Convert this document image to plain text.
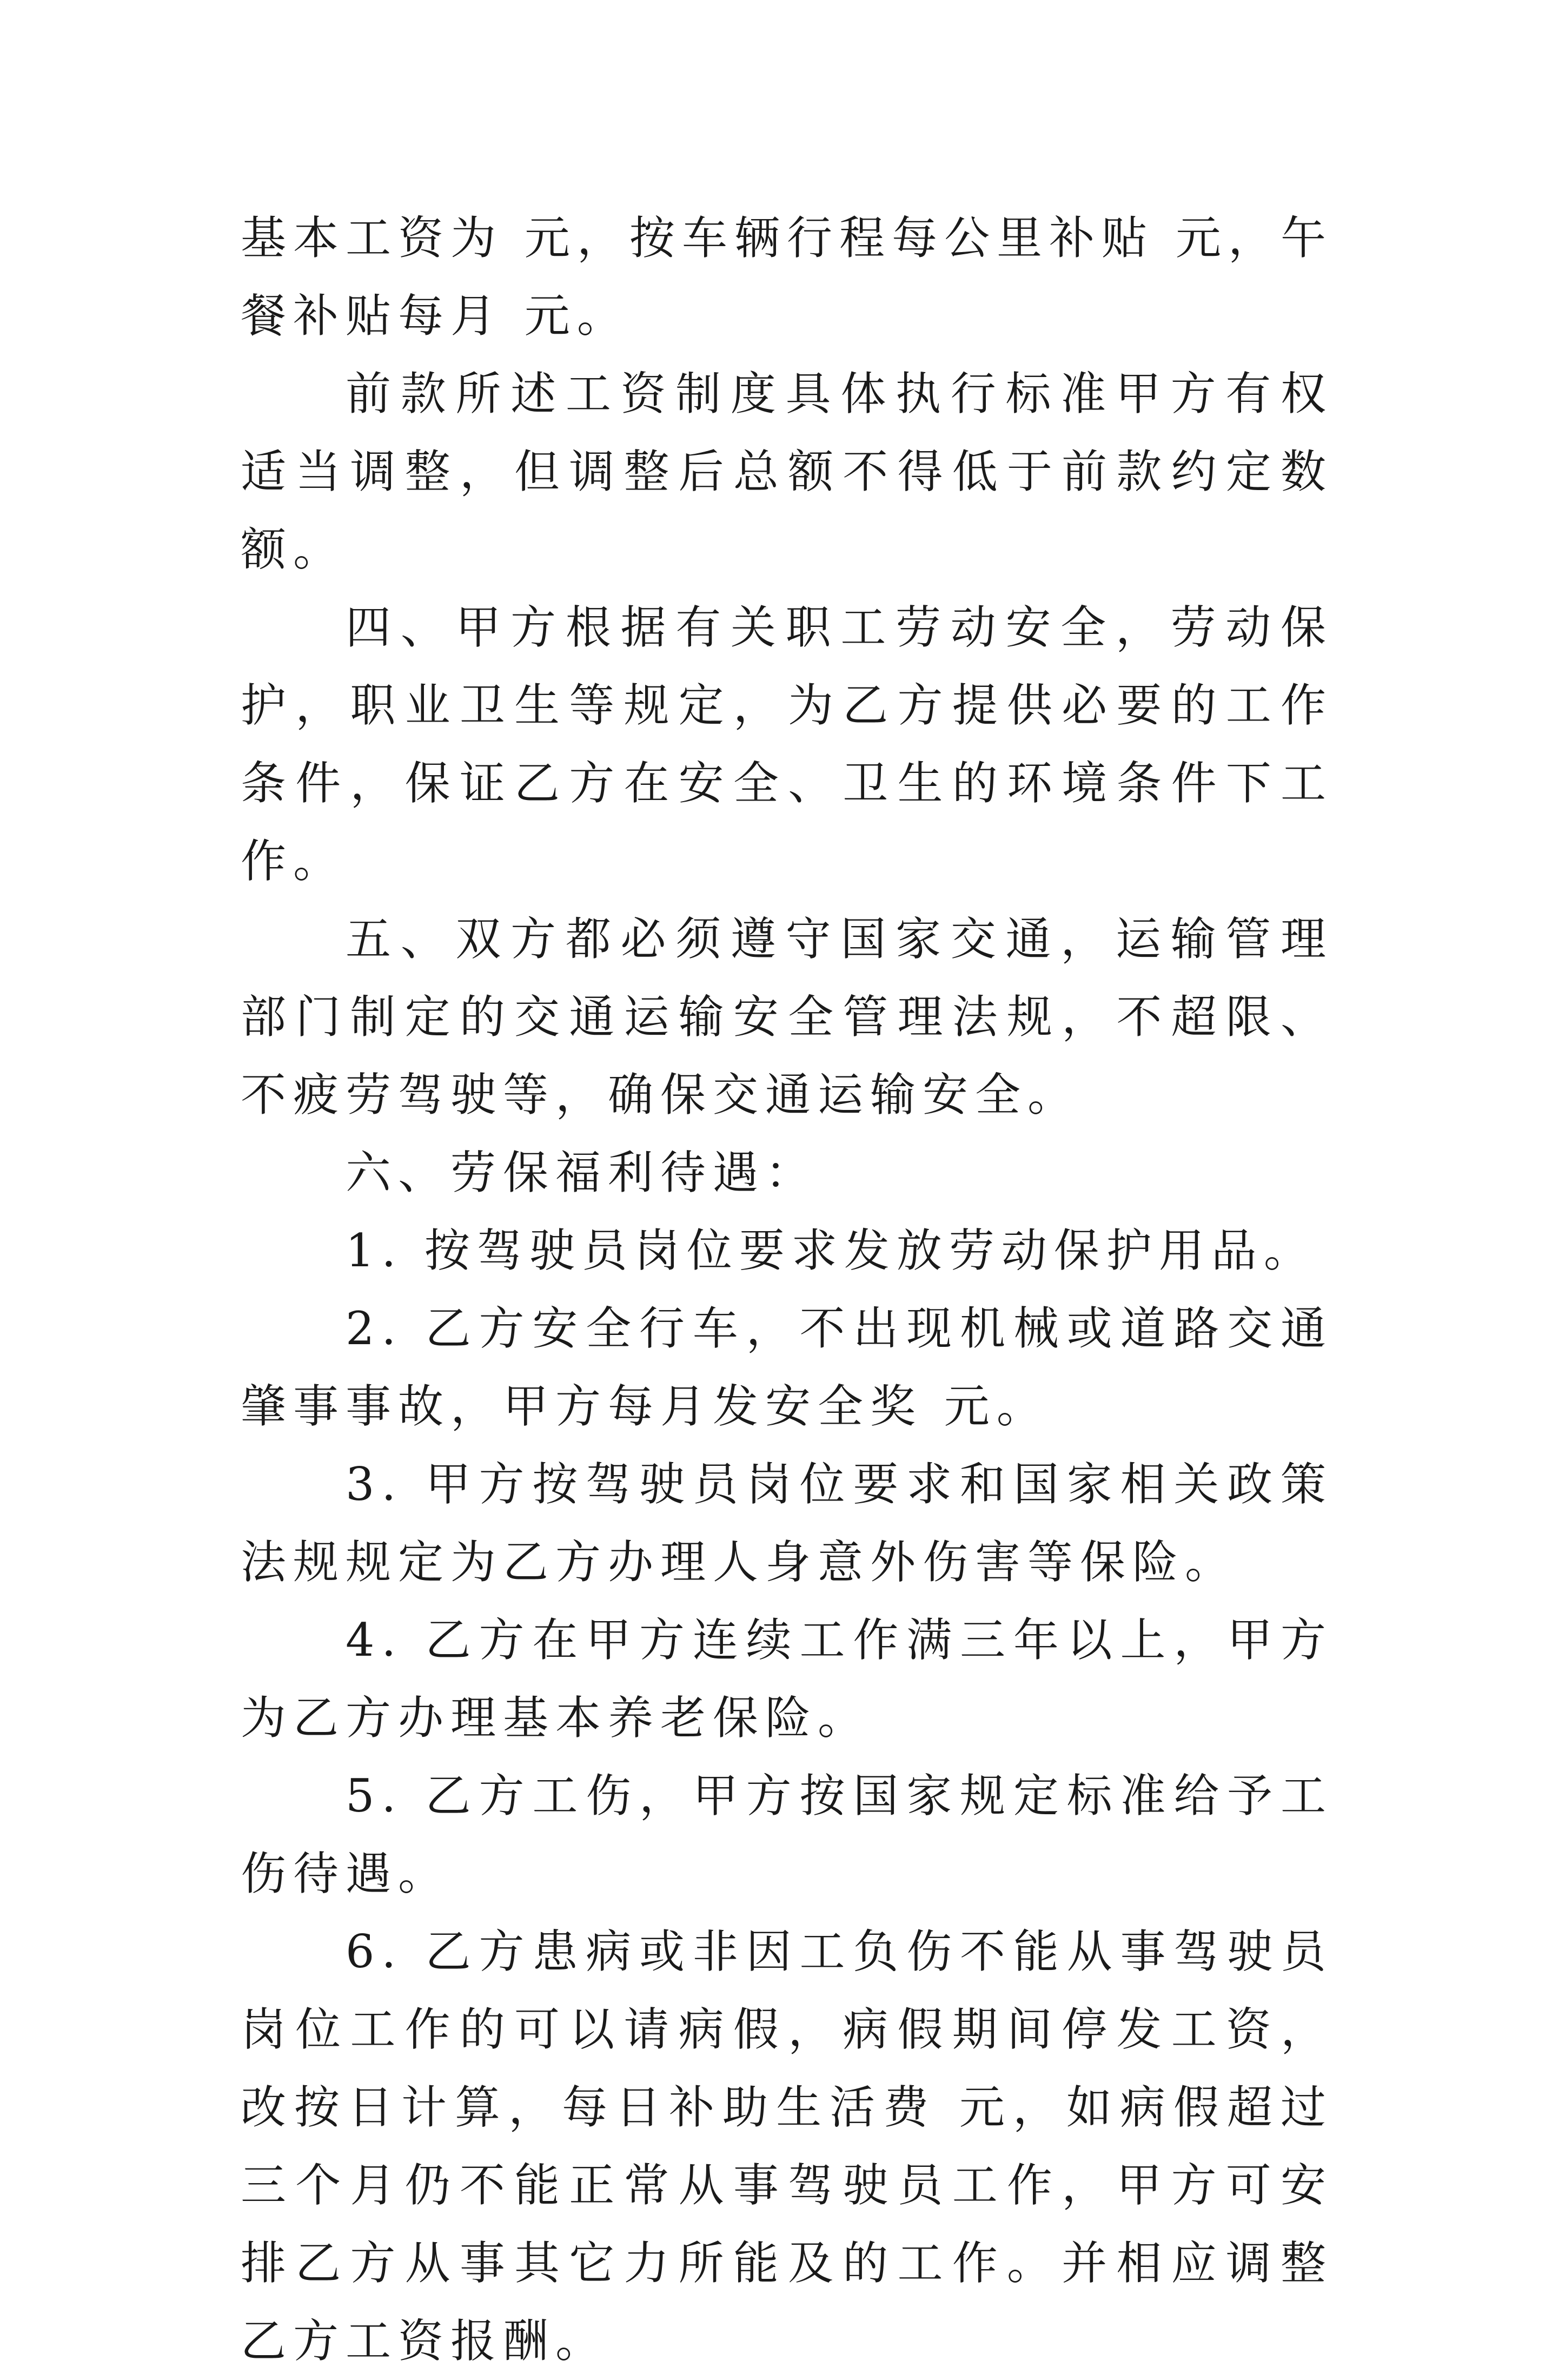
基本工资为 元，按车辆行程每公里补贴 元，午餐补贴每月 元。

前款所述工资制度具体执行标准甲方有权适当调整，但调整后总额不得低于前款约定数额。

四、甲方根据有关职工劳动安全，劳动保护，职业卫生等规定，为乙方提供必要的工作条件，保证乙方在安全、卫生的环境条件下工作。

五、双方都必须遵守国家交通，运输管理部门制定的交通运输安全管理法规，不超限、不疲劳驾驶等，确保交通运输安全。

六、劳保福利待遇：

1. 按驾驶员岗位要求发放劳动保护用品。

2. 乙方安全行车，不出现机械或道路交通肇事事故，甲方每月发安全奖 元。

3. 甲方按驾驶员岗位要求和国家相关政策法规规定为乙方办理人身意外伤害等保险。

4. 乙方在甲方连续工作满三年以上，甲方为乙方办理基本养老保险。

5. 乙方工伤，甲方按国家规定标准给予工伤待遇。

6. 乙方患病或非因工负伤不能从事驾驶员岗位工作的可以请病假，病假期间停发工资，改按日计算，每日补助生活费 元，如病假超过三个月仍不能正常从事驾驶员工作，甲方可安排乙方从事其它力所能及的工作。并相应调整乙方工资报酬。
